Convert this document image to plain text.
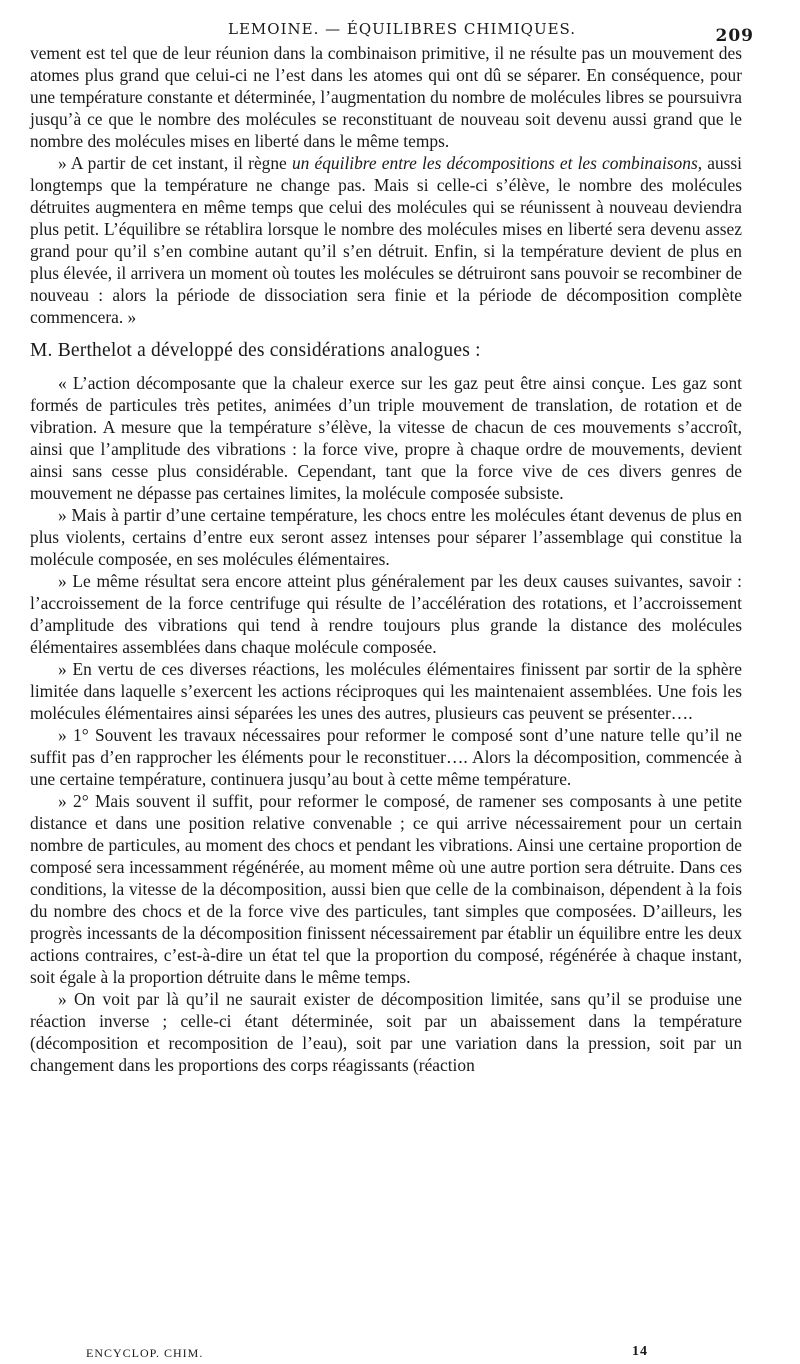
LEMOINE. — ÉQUILIBRES CHIMIQUES.	209

vement est tel que de leur réunion dans la combinaison primitive, il ne résulte pas un mouvement des atomes plus grand que celui-ci ne l’est dans les atomes qui ont dû se séparer. En conséquence, pour une température constante et déterminée, l’augmentation du nombre de molécules libres se poursuivra jusqu’à ce que le nombre des molécules se reconstituant de nouveau soit devenu aussi grand que le nombre des molécules mises en liberté dans le même temps.

» A partir de cet instant, il règne un équilibre entre les décompositions et les combinaisons, aussi longtemps que la température ne change pas. Mais si celle-ci s’élève, le nombre des molécules détruites augmentera en même temps que celui des molécules qui se réunissent à nouveau deviendra plus petit. L’équilibre se rétablira lorsque le nombre des molécules mises en liberté sera devenu assez grand pour qu’il s’en combine autant qu’il s’en détruit. Enfin, si la température devient de plus en plus élevée, il arrivera un moment où toutes les molécules se détruiront sans pouvoir se recombiner de nouveau : alors la période de dissociation sera finie et la période de décomposition complète commencera. »

M. Berthelot a développé des considérations analogues :

« L’action décomposante que la chaleur exerce sur les gaz peut être ainsi conçue. Les gaz sont formés de particules très petites, animées d’un triple mouvement de translation, de rotation et de vibration. A mesure que la température s’élève, la vitesse de chacun de ces mouvements s’accroît, ainsi que l’amplitude des vibrations : la force vive, propre à chaque ordre de mouvements, devient ainsi sans cesse plus considérable. Cependant, tant que la force vive de ces divers genres de mouvement ne dépasse pas certaines limites, la molécule composée subsiste.

» Mais à partir d’une certaine température, les chocs entre les molécules étant devenus de plus en plus violents, certains d’entre eux seront assez intenses pour séparer l’assemblage qui constitue la molécule composée, en ses molécules élémentaires.

» Le même résultat sera encore atteint plus généralement par les deux causes suivantes, savoir : l’accroissement de la force centrifuge qui résulte de l’accélération des rotations, et l’accroissement d’amplitude des vibrations qui tend à rendre toujours plus grande la distance des molécules élémentaires assemblées dans chaque molécule composée.

» En vertu de ces diverses réactions, les molécules élémentaires finissent par sortir de la sphère limitée dans laquelle s’exercent les actions réciproques qui les maintenaient assemblées. Une fois les molécules élémentaires ainsi séparées les unes des autres, plusieurs cas peuvent se présenter….

» 1° Souvent les travaux nécessaires pour reformer le composé sont d’une nature telle qu’il ne suffit pas d’en rapprocher les éléments pour le reconstituer…. Alors la décomposition, commencée à une certaine température, continuera jusqu’au bout à cette même température.

» 2° Mais souvent il suffit, pour reformer le composé, de ramener ses composants à une petite distance et dans une position relative convenable ; ce qui arrive nécessairement pour un certain nombre de particules, au moment des chocs et pendant les vibrations. Ainsi une certaine proportion de composé sera incessamment régénérée, au moment même où une autre portion sera détruite. Dans ces conditions, la vitesse de la décomposition, aussi bien que celle de la combinaison, dépendent à la fois du nombre des chocs et de la force vive des particules, tant simples que composées. D’ailleurs, les progrès incessants de la décomposition finissent nécessairement par établir un équilibre entre les deux actions contraires, c’est-à-dire un état tel que la proportion du composé, régénérée à chaque instant, soit égale à la proportion détruite dans le même temps.

» On voit par là qu’il ne saurait exister de décomposition limitée, sans qu’il se produise une réaction inverse ; celle-ci étant déterminée, soit par un abaissement dans la température (décomposition et recomposition de l’eau), soit par une variation dans la pression, soit par un changement dans les proportions des corps réagissants (réaction

ENCYCLOP. CHIM.	14
